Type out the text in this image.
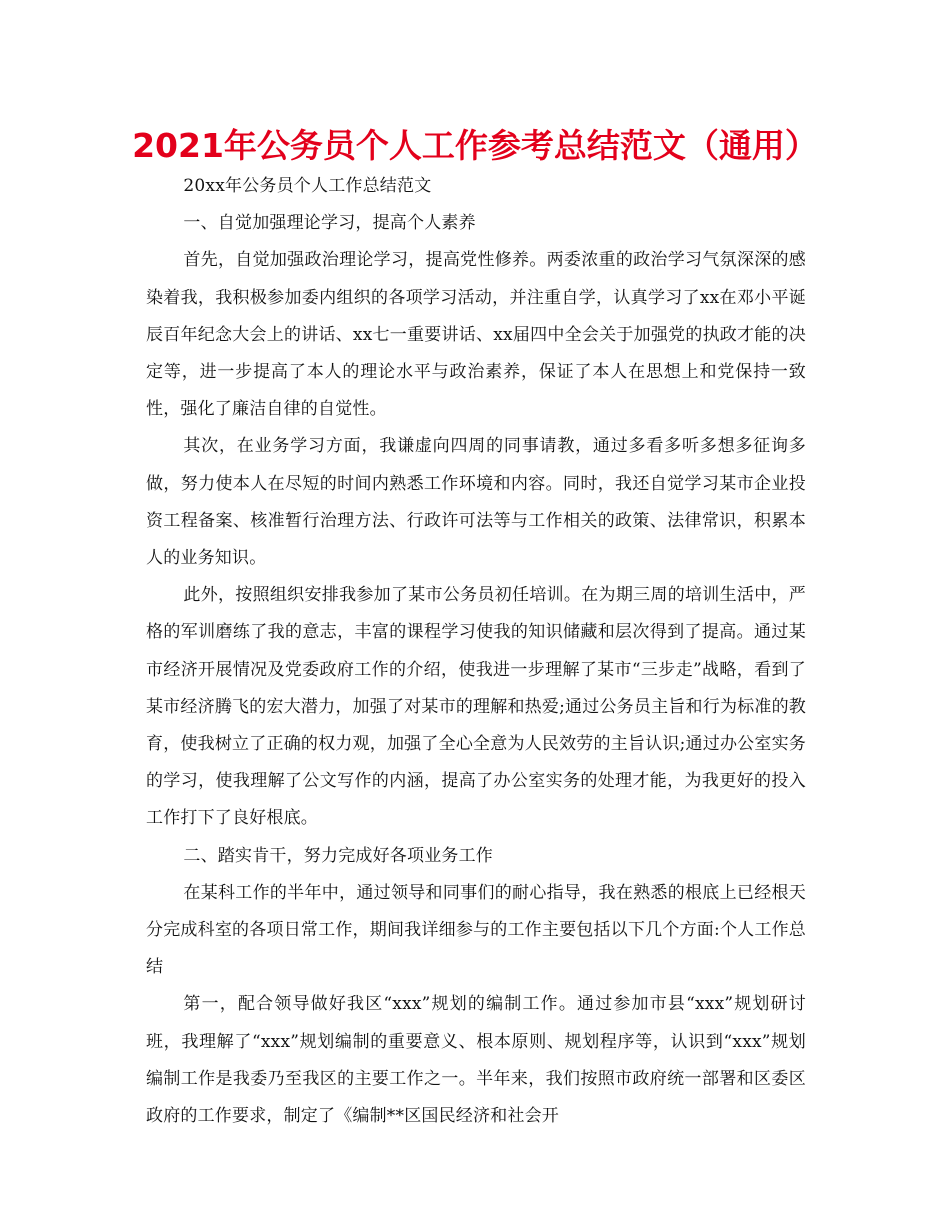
2021年公务员个人工作参考总结范文（通用）

20xx年公务员个人工作总结范文

一、自觉加强理论学习，提高个人素养

首先，自觉加强政治理论学习，提高党性修养。两委浓重的政治学习气氛深深的感染着我，我积极参加委内组织的各项学习活动，并注重自学，认真学习了xx在邓小平诞辰百年纪念大会上的讲话、xx七一重要讲话、xx届四中全会关于加强党的执政才能的决定等，进一步提高了本人的理论水平与政治素养，保证了本人在思想上和党保持一致性，强化了廉洁自律的自觉性。

其次，在业务学习方面，我谦虚向四周的同事请教，通过多看多听多想多征询多做，努力使本人在尽短的时间内熟悉工作环境和内容。同时，我还自觉学习某市企业投资工程备案、核准暂行治理方法、行政许可法等与工作相关的政策、法律常识，积累本人的业务知识。

此外，按照组织安排我参加了某市公务员初任培训。在为期三周的培训生活中，严格的军训磨练了我的意志，丰富的课程学习使我的知识储藏和层次得到了提高。通过某市经济开展情况及党委政府工作的介绍，使我进一步理解了某市“三步走”战略，看到了某市经济腾飞的宏大潜力，加强了对某市的理解和热爱;通过公务员主旨和行为标准的教育，使我树立了正确的权力观，加强了全心全意为人民效劳的主旨认识;通过办公室实务的学习，使我理解了公文写作的内涵，提高了办公室实务的处理才能，为我更好的投入工作打下了良好根底。

二、踏实肯干，努力完成好各项业务工作

在某科工作的半年中，通过领导和同事们的耐心指导，我在熟悉的根底上已经根天分完成科室的各项日常工作，期间我详细参与的工作主要包括以下几个方面:个人工作总结

第一，配合领导做好我区“xxx”规划的编制工作。通过参加市县“xxx”规划研讨班，我理解了“xxx”规划编制的重要意义、根本原则、规划程序等，认识到“xxx”规划编制工作是我委乃至我区的主要工作之一。半年来，我们按照市政府统一部署和区委区政府的工作要求，制定了《编制**区国民经济和社会开
